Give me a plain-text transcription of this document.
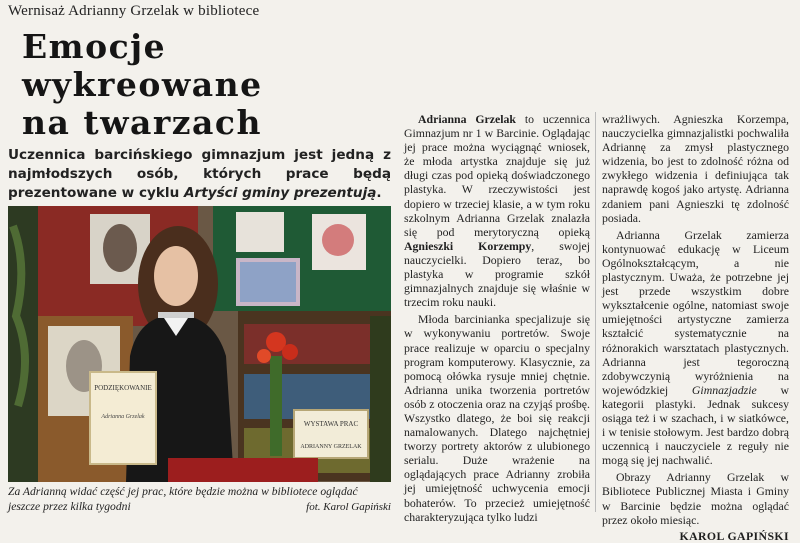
Wernisaż Adrianny Grzelak w bibliotece
Emocje
wykreowane
na twarzach
Uczennica barcińskiego gimnazjum jest jedną z najmłodszych osób, których prace będą prezentowane w cyklu Artyści gminy prezentują.
PODZIĘKOWANIE
Adrianna Grzelak
WYSTAWA PRAC
ADRIANNY GRZELAK
Za Adrianną widać część jej prac, które będzie można w bibliotece oglądać jeszcze przez kilka tygodni	fot. Karol Gapiński

Adrianna Grzelak to uczennica Gimnazjum nr 1 w Barcinie. Oglądając jej prace można wyciągnąć wniosek, że młoda artystka znajduje się już długi czas pod opieką doświadczonego plastyka. W rzeczywistości jest dopiero w trzeciej klasie, a w tym roku szkolnym Adrianna Grzelak znalazła się pod merytoryczną opieką Agnieszki Korzempy, swojej nauczycielki. Dopiero teraz, bo plastyka w programie szkół gimnazjalnych znajduje się właśnie w trzecim roku nauki.

Młoda barcinianka specjalizuje się w wykonywaniu portretów. Swoje prace realizuje w oparciu o specjalny program komputerowy. Klasycznie, za pomocą ołówka rysuje mniej chętnie. Adrianna unika tworzenia portretów osób z otoczenia oraz na czyjąś prośbę. Wszystko dlatego, że boi się reakcji namalowanych. Dlatego najchętniej tworzy portrety aktorów z ulubionego serialu. Duże wrażenie na oglądających prace Adrianny zrobiła jej umiejętność uchwycenia emocji bohaterów. To przecież umiejętność charakteryzująca tylko ludzi

wrażliwych. Agnieszka Korzempa, nauczycielka gimnazjalistki pochwaliła Adriannę za zmysł plastycznego widzenia, bo jest to zdolność różna od zwykłego widzenia i definiująca tak naprawdę kogoś jako artystę. Adrianna zdaniem pani Agnieszki tę zdolność posiada.

Adrianna Grzelak zamierza kontynuować edukację w Liceum Ogólnokształcącym, a nie plastycznym. Uważa, że potrzebne jej jest przede wszystkim dobre wykształcenie ogólne, natomiast swoje umiejętności artystyczne zamierza kształcić systematycznie na różnorakich warsztatach plastycznych. Adrianna jest tegoroczną zdobywczynią wyróżnienia na wojewódzkiej Gimnazjadzie w kategorii plastyki. Jednak sukcesy osiąga też i w szachach, i w siatkówce, i w tenisie stołowym. Jest bardzo dobrą uczennicą i nauczyciele z reguły nie mogą się jej nachwalić.

Obrazy Adrianny Grzelak w Bibliotece Publicznej Miasta i Gminy w Barcinie będzie można oglądać przez około miesiąc.

KAROL GAPIŃSKI
